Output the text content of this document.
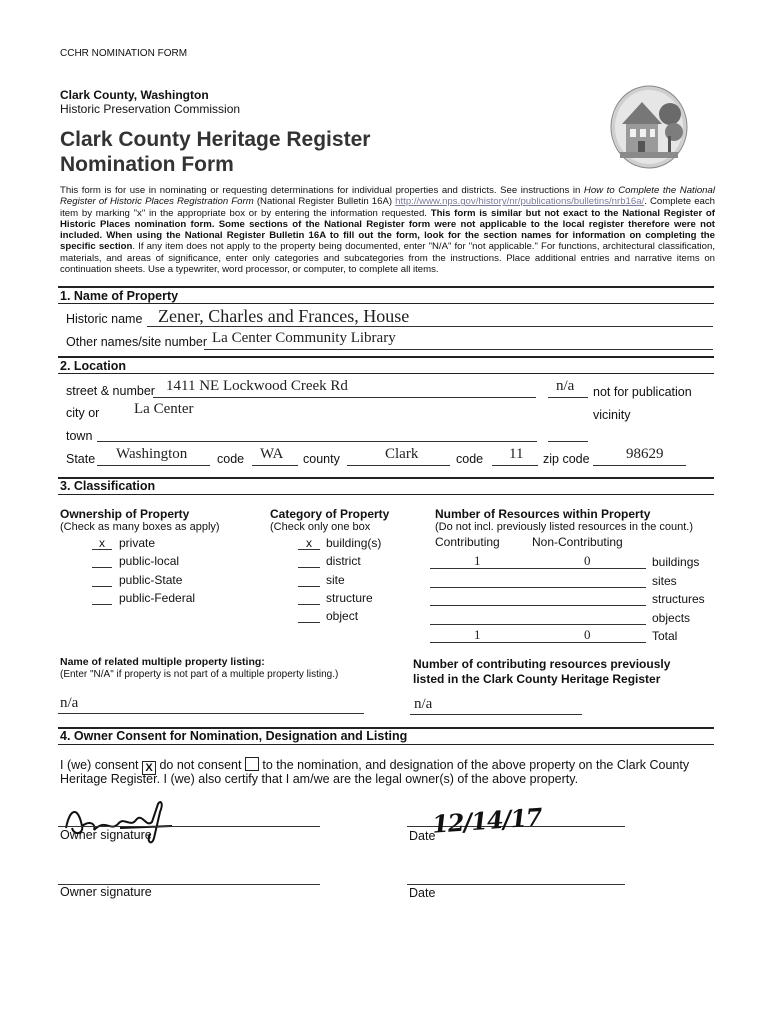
CCHR NOMINATION FORM
Clark County, Washington
Historic Preservation Commission
Clark County Heritage Register
Nomination Form
This form is for use in nominating or requesting determinations for individual properties and districts. See instructions in How to Complete the National Register of Historic Places Registration Form (National Register Bulletin 16A) http://www.nps.gov/history/nr/publications/bulletins/nrb16a/. Complete each item by marking "x" in the appropriate box or by entering the information requested. This form is similar but not exact to the National Register of Historic Places nomination form. Some sections of the National Register form were not applicable to the local register therefore were not included. When using the National Register Bulletin 16A to fill out the form, look for the section names for information on completing the specific section. If any item does not apply to the property being documented, enter "N/A" for "not applicable." For functions, architectural classification, materials, and areas of significance, enter only categories and subcategories from the instructions. Place additional entries and narrative items on continuation sheets. Use a typewriter, word processor, or computer, to complete all items.
1. Name of Property
Historic name Zener, Charles and Frances, House
Other names/site number La Center Community Library
2. Location
street & number 1411 NE Lockwood Creek Rd	n/a not for publication
city or La Center	vicinity
town
State Washington code WA county	Clark	code 11 zip code 98629
3. Classification
Ownership of Property
(Check as many boxes as apply)
x private
public-local
public-State
public-Federal
Category of Property
(Check only one box
x building(s)
district
site
structure
object
Number of Resources within Property
(Do not incl. previously listed resources in the count.)
Contributing	Non-Contributing
1	0	buildings
sites
structures
objects
1	0	Total
Name of related multiple property listing:
(Enter "N/A" if property is not part of a multiple property listing.)
n/a
Number of contributing resources previously
listed in the Clark County Heritage Register
n/a
4. Owner Consent for Nomination, Designation and Listing
I (we) consent X do not consent  to the nomination, and designation of the above property on the Clark County
Heritage Register. I (we) also certify that I am/we are the legal owner(s) of the above property.
Owner signature	Date
12/14/17
Owner signature	Date
